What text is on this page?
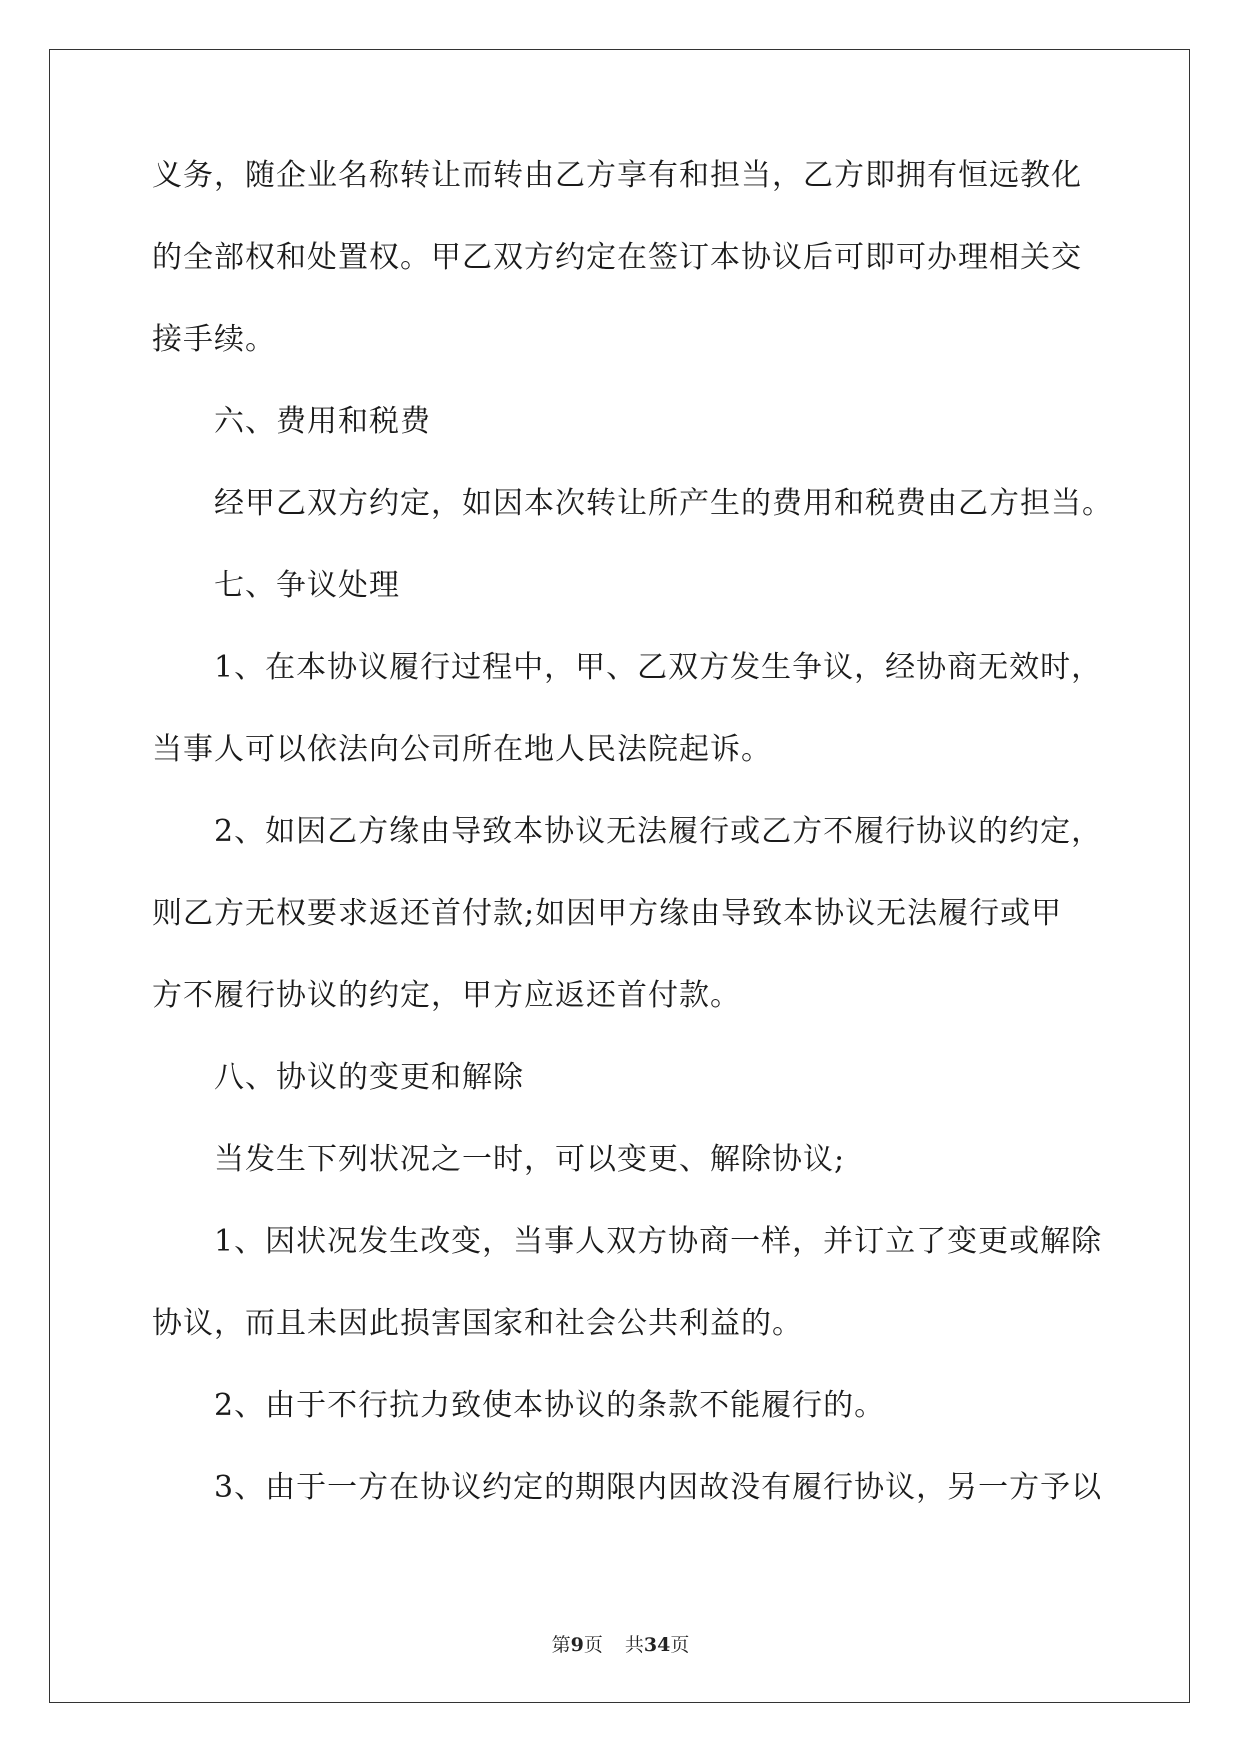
义务，随企业名称转让而转由乙方享有和担当，乙方即拥有恒远教化
的全部权和处置权。甲乙双方约定在签订本协议后可即可办理相关交
接手续。
六、费用和税费
经甲乙双方约定，如因本次转让所产生的费用和税费由乙方担当。
七、争议处理
1、在本协议履行过程中，甲、乙双方发生争议，经协商无效时，
当事人可以依法向公司所在地人民法院起诉。
2、如因乙方缘由导致本协议无法履行或乙方不履行协议的约定，
则乙方无权要求返还首付款;如因甲方缘由导致本协议无法履行或甲
方不履行协议的约定，甲方应返还首付款。
八、协议的变更和解除
当发生下列状况之一时，可以变更、解除协议;
1、因状况发生改变，当事人双方协商一样，并订立了变更或解除
协议，而且未因此损害国家和社会公共利益的。
2、由于不行抗力致使本协议的条款不能履行的。
3、由于一方在协议约定的期限内因故没有履行协议，另一方予以
第9页 共34页
